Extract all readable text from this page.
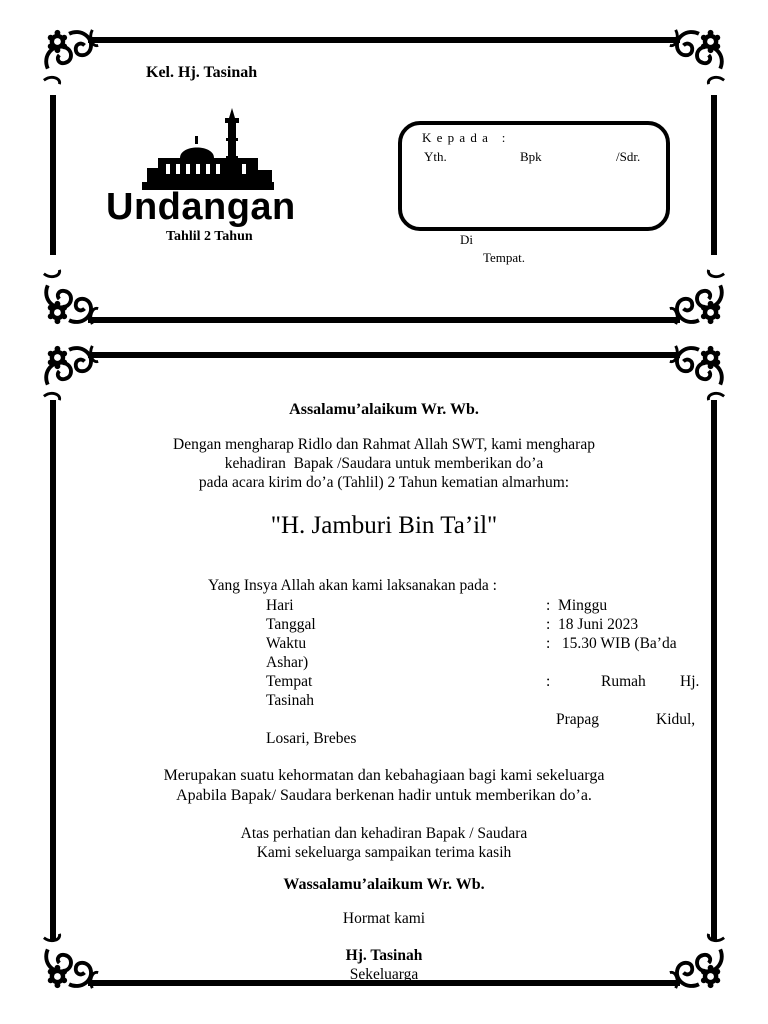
Kel. Hj. Tasinah
Undangan
Tahlil 2 Tahun
K e p a d a   :
Yth.	Bpk	/Sdr.
Di
Tempat.
Assalamu’alaikum Wr. Wb.
Dengan mengharap Ridlo dan Rahmat Allah SWT, kami mengharap
kehadiran  Bapak /Saudara untuk memberikan do’a
pada acara kirim do’a (Tahlil) 2 Tahun kematian almarhum:
"H. Jamburi Bin Ta’il"
Yang Insya Allah akan kami laksanakan pada :
Hari	:  Minggu
Tanggal	:  18 Juni 2023
Waktu	:   15.30 WIB (Ba’da
Ashar)
Tempat	:	Rumah Hj.
Tasinah
Prapag	Kidul,
Losari, Brebes
Merupakan suatu kehormatan dan kebahagiaan bagi kami sekeluarga
Apabila Bapak/ Saudara berkenan hadir untuk memberikan do’a.
Atas perhatian dan kehadiran Bapak / Saudara
Kami sekeluarga sampaikan terima kasih
Wassalamu’alaikum Wr. Wb.
Hormat kami
Hj. Tasinah
Sekeluarga
